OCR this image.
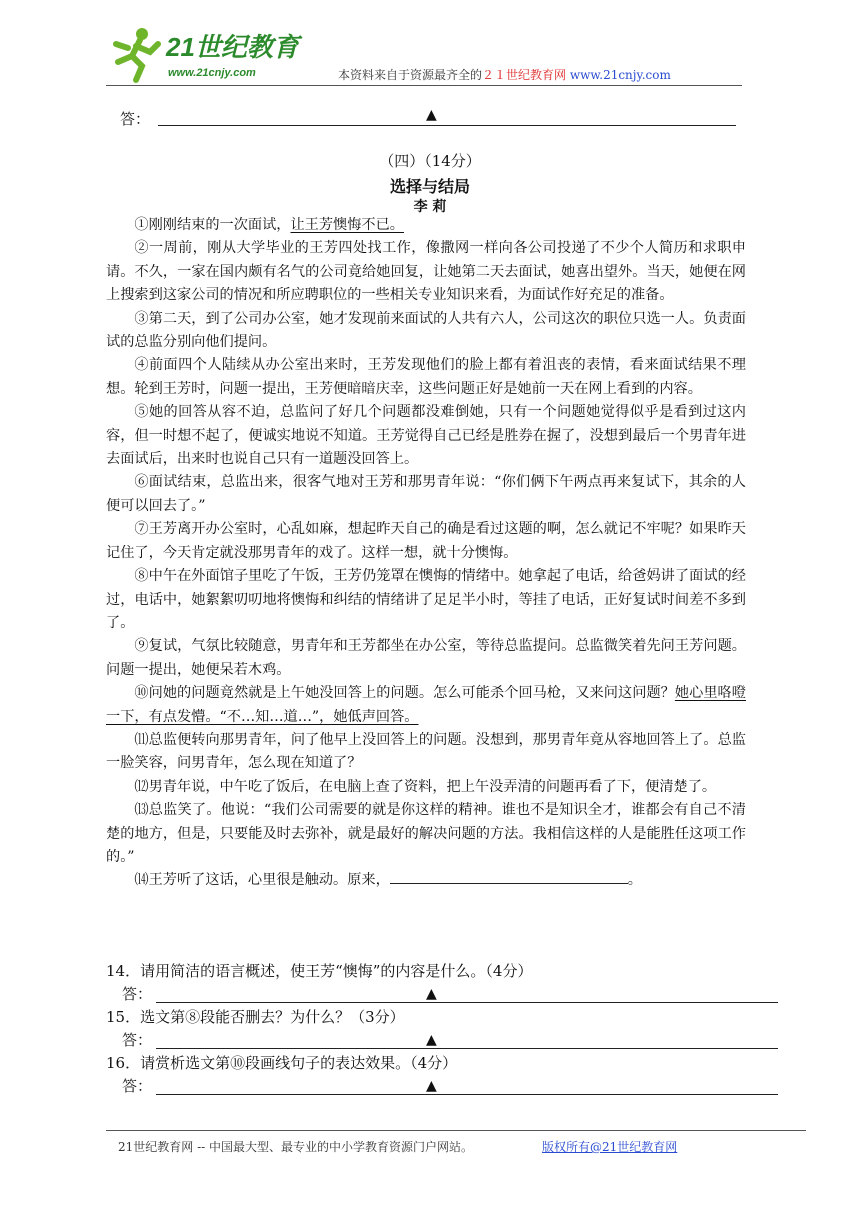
21世纪教育
www.21cnjy.com	本资料来自于资源最齐全的２１世纪教育网 www.21cnjy.com
答：	▲
（四）（14分）
选择与结局
李 莉

①刚刚结束的一次面试，让王芳懊悔不已。

②一周前，刚从大学毕业的王芳四处找工作，像撒网一样向各公司投递了不少个人简历和求职申请。不久，一家在国内颇有名气的公司竟给她回复，让她第二天去面试，她喜出望外。当天，她便在网上搜索到这家公司的情况和所应聘职位的一些相关专业知识来看，为面试作好充足的准备。

③第二天，到了公司办公室，她才发现前来面试的人共有六人，公司这次的职位只选一人。负责面试的总监分别向他们提问。

④前面四个人陆续从办公室出来时，王芳发现他们的脸上都有着沮丧的表情，看来面试结果不理想。轮到王芳时，问题一提出，王芳便暗暗庆幸，这些问题正好是她前一天在网上看到的内容。

⑤她的回答从容不迫，总监问了好几个问题都没难倒她，只有一个问题她觉得似乎是看到过这内容，但一时想不起了，便诚实地说不知道。王芳觉得自己已经是胜券在握了，没想到最后一个男青年进去面试后，出来时也说自己只有一道题没回答上。

⑥面试结束，总监出来，很客气地对王芳和那男青年说：“你们俩下午两点再来复试下，其余的人便可以回去了。”

⑦王芳离开办公室时，心乱如麻，想起昨天自己的确是看过这题的啊，怎么就记不牢呢？如果昨天记住了，今天肯定就没那男青年的戏了。这样一想，就十分懊悔。

⑧中午在外面馆子里吃了午饭，王芳仍笼罩在懊悔的情绪中。她拿起了电话，给爸妈讲了面试的经过，电话中，她絮絮叨叨地将懊悔和纠结的情绪讲了足足半小时，等挂了电话，正好复试时间差不多到了。

⑨复试，气氛比较随意，男青年和王芳都坐在办公室，等待总监提问。总监微笑着先问王芳问题。问题一提出，她便呆若木鸡。

⑩问她的问题竟然就是上午她没回答上的问题。怎么可能杀个回马枪，又来问这问题？她心里咯噔一下，有点发懵。“不…知…道…”，她低声回答。

⑾总监便转向那男青年，问了他早上没回答上的问题。没想到，那男青年竟从容地回答上了。总监一脸笑容，问男青年，怎么现在知道了？

⑿男青年说，中午吃了饭后，在电脑上查了资料，把上午没弄清的问题再看了下，便清楚了。

⒀总监笑了。他说：“我们公司需要的就是你这样的精神。谁也不是知识全才，谁都会有自己不清楚的地方，但是，只要能及时去弥补，就是最好的解决问题的方法。我相信这样的人是能胜任这项工作的。”

⒁王芳听了这话，心里很是触动。原来，	。

14．请用简洁的语言概述，使王芳“懊悔”的内容是什么。（4分）
答：	▲
15．选文第⑧段能否删去？为什么？（3分）
答：	▲
16．请赏析选文第⑩段画线句子的表达效果。（4分）
答：	▲
21世纪教育网 -- 中国最大型、最专业的中小学教育资源门户网站。	版权所有@21世纪教育网
